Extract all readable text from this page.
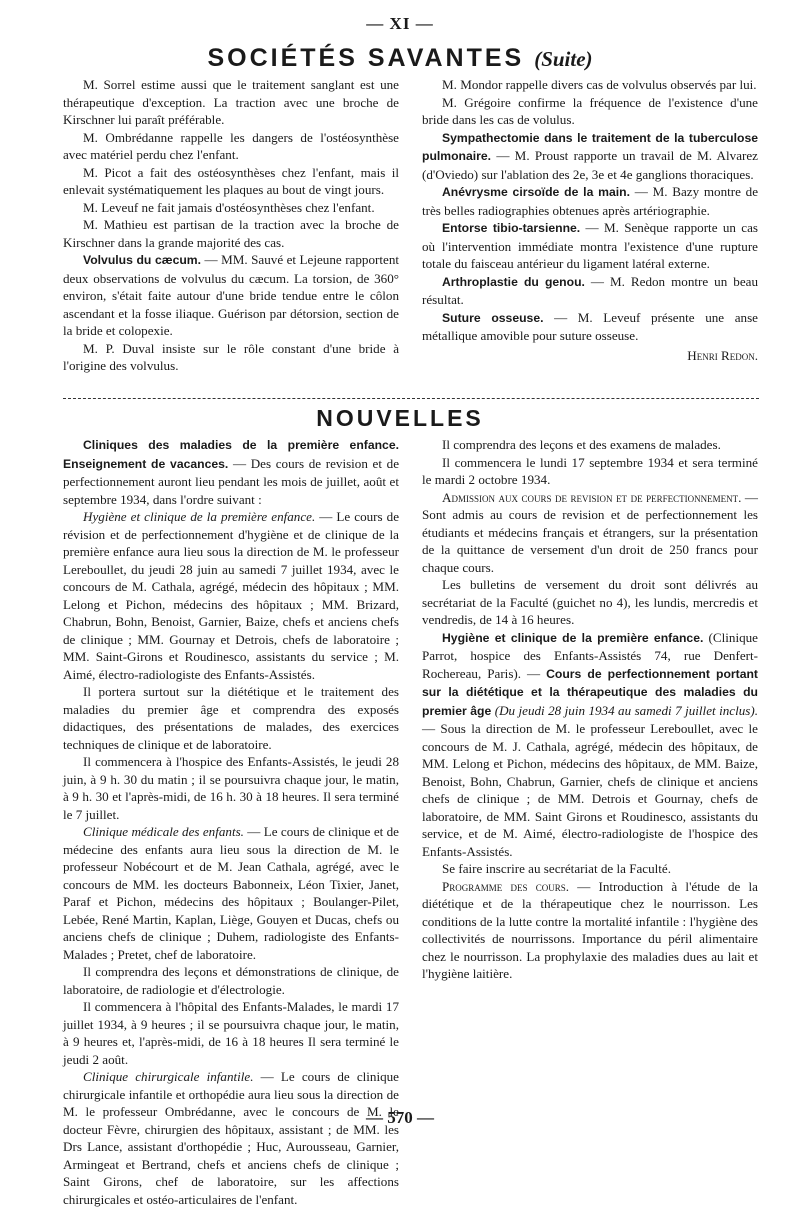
— XI —
SOCIÉTÉS SAVANTES (Suite)

M. Sorrel estime aussi que le traitement sanglant est une thérapeutique d'exception. La traction avec une broche de Kirschner lui paraît préférable.

M. Ombrédanne rappelle les dangers de l'ostéosynthèse avec matériel perdu chez l'enfant.

M. Picot a fait des ostéosynthèses chez l'enfant, mais il enlevait systématiquement les plaques au bout de vingt jours.

M. Leveuf ne fait jamais d'ostéosynthèses chez l'enfant.

M. Mathieu est partisan de la traction avec la broche de Kirschner dans la grande majorité des cas.

Volvulus du cæcum. — MM. Sauvé et Lejeune rapportent deux observations de volvulus du cæcum. La torsion, de 360° environ, s'était faite autour d'une bride tendue entre le côlon ascendant et la fosse iliaque. Guérison par détorsion, section de la bride et colopexie.

M. P. Duval insiste sur le rôle constant d'une bride à l'origine des volvulus.

M. Mondor rappelle divers cas de volvulus observés par lui.

M. Grégoire confirme la fréquence de l'existence d'une bride dans les cas de volulus.

Sympathectomie dans le traitement de la tuberculose pulmonaire. — M. Proust rapporte un travail de M. Alvarez (d'Oviedo) sur l'ablation des 2e, 3e et 4e ganglions thoraciques.

Anévrysme cirsoïde de la main. — M. Bazy montre de très belles radiographies obtenues après artériographie.

Entorse tibio-tarsienne. — M. Senèque rapporte un cas où l'intervention immédiate montra l'existence d'une rupture totale du faisceau antérieur du ligament latéral externe.

Arthroplastie du genou. — M. Redon montre un beau résultat.

Suture osseuse. — M. Leveuf présente une anse métallique amovible pour suture osseuse.

Henri Redon.

NOUVELLES

Cliniques des maladies de la première enfance. Enseignement de vacances. — Des cours de revision et de perfectionnement auront lieu pendant les mois de juillet, août et septembre 1934, dans l'ordre suivant :

Hygiène et clinique de la première enfance. — Le cours de révision et de perfectionnement d'hygiène et de clinique de la première enfance aura lieu sous la direction de M. le professeur Lereboullet, du jeudi 28 juin au samedi 7 juillet 1934, avec le concours de M. Cathala, agrégé, médecin des hôpitaux ; MM. Lelong et Pichon, médecins des hôpitaux ; MM. Brizard, Chabrun, Bohn, Benoist, Garnier, Baize, chefs et anciens chefs de clinique ; MM. Gournay et Detrois, chefs de laboratoire ; MM. Saint-Girons et Roudinesco, assistants du service ; M. Aimé, électro-radiologiste des Enfants-Assistés.

Il portera surtout sur la diététique et le traitement des maladies du premier âge et comprendra des exposés didactiques, des présentations de malades, des exercices techniques de clinique et de laboratoire.

Il commencera à l'hospice des Enfants-Assistés, le jeudi 28 juin, à 9 h. 30 du matin ; il se poursuivra chaque jour, le matin, à 9 h. 30 et l'après-midi, de 16 h. 30 à 18 heures. Il sera terminé le 7 juillet.

Clinique médicale des enfants. — Le cours de clinique et de médecine des enfants aura lieu sous la direction de M. le professeur Nobécourt et de M. Jean Cathala, agrégé, avec le concours de MM. les docteurs Babonneix, Léon Tixier, Janet, Paraf et Pichon, médecins des hôpitaux ; Boulanger-Pilet, Lebée, René Martin, Kaplan, Liège, Gouyen et Ducas, chefs ou anciens chefs de clinique ; Duhem, radiologiste des Enfants-Malades ; Pretet, chef de laboratoire.

Il comprendra des leçons et démonstrations de clinique, de laboratoire, de radiologie et d'électrologie.

Il commencera à l'hôpital des Enfants-Malades, le mardi 17 juillet 1934, à 9 heures ; il se poursuivra chaque jour, le matin, à 9 heures et, l'après-midi, de 16 à 18 heures Il sera terminé le jeudi 2 août.

Clinique chirurgicale infantile. — Le cours de clinique chirurgicale infantile et orthopédie aura lieu sous la direction de M. le professeur Ombrédanne, avec le concours de M. le docteur Fèvre, chirurgien des hôpitaux, assistant ; de MM. les Drs Lance, assistant d'orthopédie ; Huc, Aurousseau, Garnier, Armingeat et Bertrand, chefs et anciens chefs de clinique ; Saint Girons, chef de laboratoire, sur les affections chirurgicales et ostéo-articulaires de l'enfant.

Il comprendra des leçons et des examens de malades.

Il commencera le lundi 17 septembre 1934 et sera terminé le mardi 2 octobre 1934.

Admission aux cours de revision et de perfectionnement. — Sont admis au cours de revision et de perfectionnement les étudiants et médecins français et étrangers, sur la présentation de la quittance de versement d'un droit de 250 francs pour chaque cours.

Les bulletins de versement du droit sont délivrés au secrétariat de la Faculté (guichet no 4), les lundis, mercredis et vendredis, de 14 à 16 heures.

Hygiène et clinique de la première enfance. (Clinique Parrot, hospice des Enfants-Assistés 74, rue Denfert-Rochereau, Paris). — Cours de perfectionnement portant sur la diététique et la thérapeutique des maladies du premier âge (Du jeudi 28 juin 1934 au samedi 7 juillet inclus). — Sous la direction de M. le professeur Lereboullet, avec le concours de M. J. Cathala, agrégé, médecin des hôpitaux, de MM. Lelong et Pichon, médecins des hôpitaux, de MM. Baize, Benoist, Bohn, Chabrun, Garnier, chefs de clinique et anciens chefs de clinique ; de MM. Detrois et Gournay, chefs de laboratoire, de MM. Saint Girons et Roudinesco, assistants du service, et de M. Aimé, électro-radiologiste de l'hospice des Enfants-Assistés.

Se faire inscrire au secrétariat de la Faculté.

Programme des cours. — Introduction à l'étude de la diététique et de la thérapeutique chez le nourrisson. Les conditions de la lutte contre la mortalité infantile : l'hygiène des collectivités de nourrissons. Importance du péril alimentaire chez le nourrisson. La prophylaxie des maladies dues au lait et l'hygiène laitière.

— 570 —
